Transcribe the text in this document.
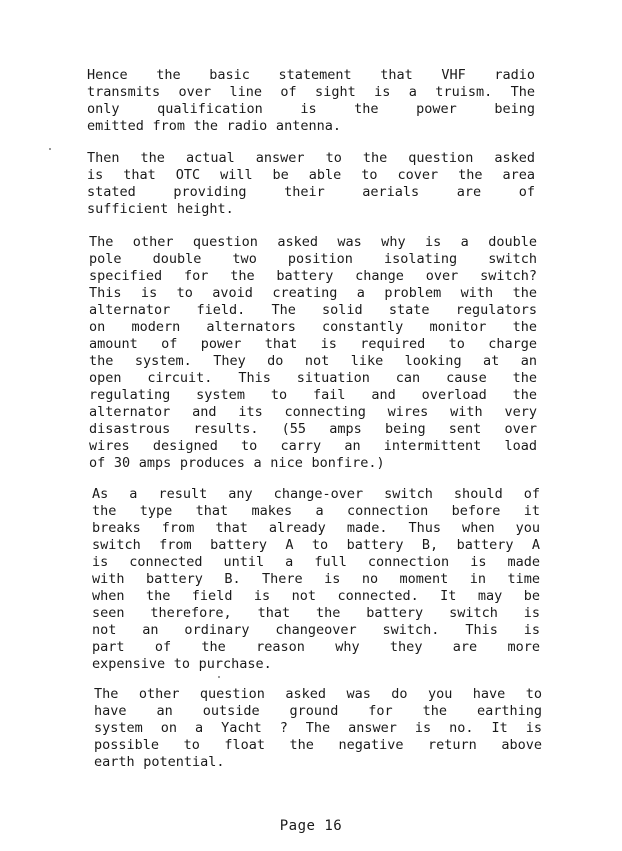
Hence the basic statement that VHF radio
transmits over line of sight is a truism. The
only qualification is the power being
emitted from the radio antenna.
Then the actual answer to the question asked
is that OTC will be able to cover the area
stated providing their aerials are of
sufficient height.
The other question asked was why is a double
pole double two position isolating switch
specified for the battery change over switch?
This is to avoid creating a problem with the
alternator field. The solid state regulators
on modern alternators constantly monitor the
amount of power that is required to charge
the system. They do not like looking at an
open circuit. This situation can cause the
regulating system to fail and overload the
alternator and its connecting wires with very
disastrous results. (55 amps being sent over
wires designed to carry an intermittent load
of 30 amps produces a nice bonfire.)
As a result any change-over switch should of
the type that makes a connection before it
breaks from that already made. Thus when you
switch from battery A to battery B, battery A
is connected until a full connection is made
with battery B. There is no moment in time
when the field is not connected. It may be
seen therefore, that the battery switch is
not an ordinary changeover switch. This is
part of the reason why they are more
expensive to purchase.
The other question asked was do you have to
have an outside ground for the earthing
system on a Yacht ? The answer is no. It is
possible to float the negative return above
earth potential.
Page 16
